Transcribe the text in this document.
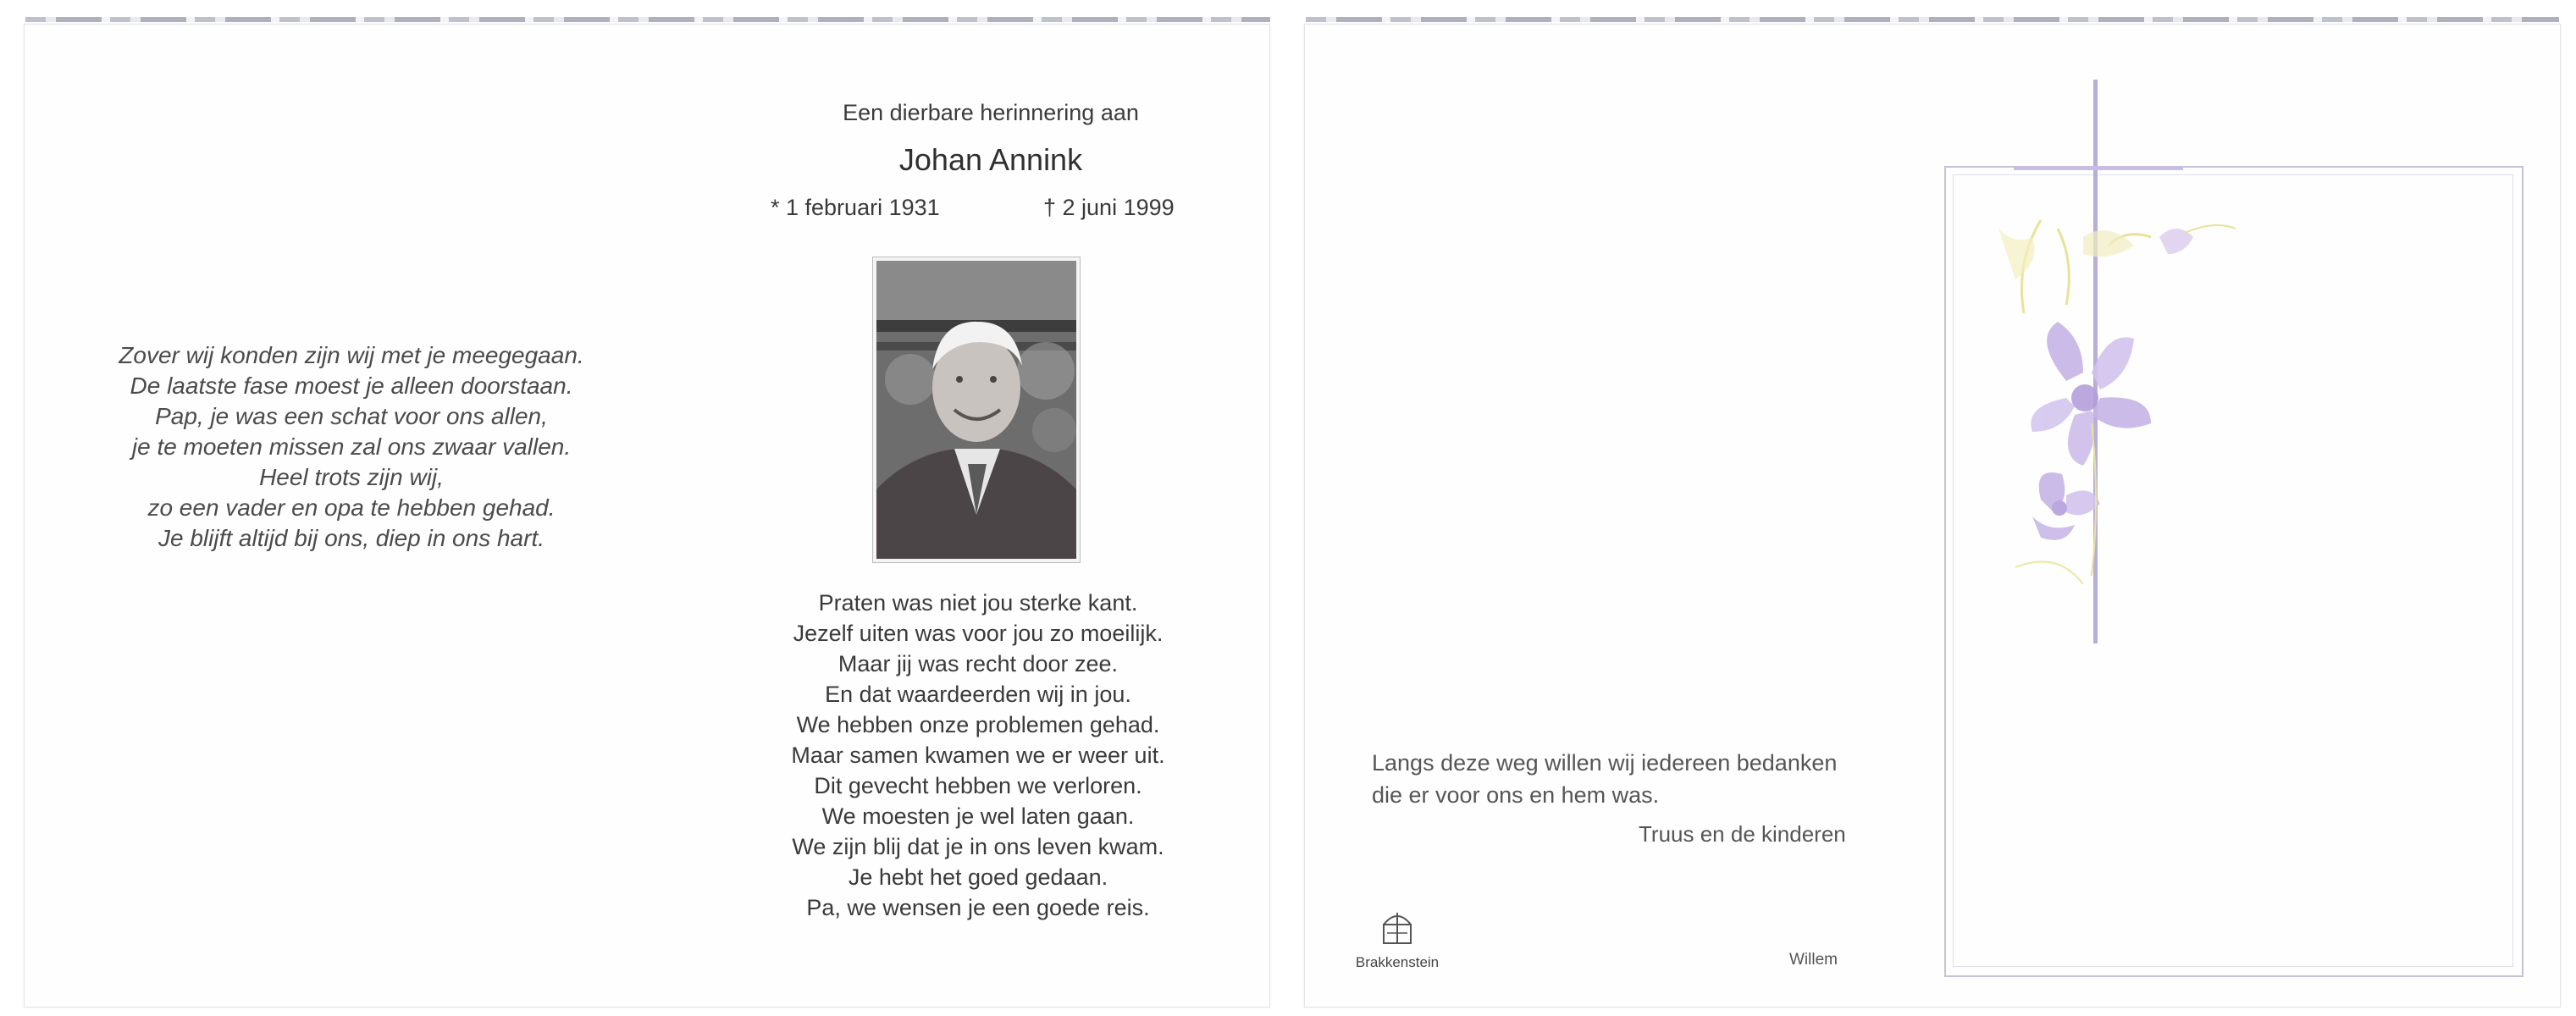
Zover wij konden zijn wij met je meegegaan.
De laatste fase moest je alleen doorstaan.
Pap, je was een schat voor ons allen,
je te moeten missen zal ons zwaar vallen.
Heel trots zijn wij,
zo een vader en opa te hebben gehad.
Je blijft altijd bij ons, diep in ons hart.
Een dierbare herinnering aan
Johan Annink
* 1 februari 1931	† 2 juni 1999
Praten was niet jou sterke kant.
Jezelf uiten was voor jou zo moeilijk.
Maar jij was recht door zee.
En dat waardeerden wij in jou.
We hebben onze problemen gehad.
Maar samen kwamen we er weer uit.
Dit gevecht hebben we verloren.
We moesten je wel laten gaan.
We zijn blij dat je in ons leven kwam.
Je hebt het goed gedaan.
Pa, we wensen je een goede reis.
Langs deze weg willen wij iedereen bedanken
die er voor ons en hem was.
Truus en de kinderen
Brakkenstein	Willem
